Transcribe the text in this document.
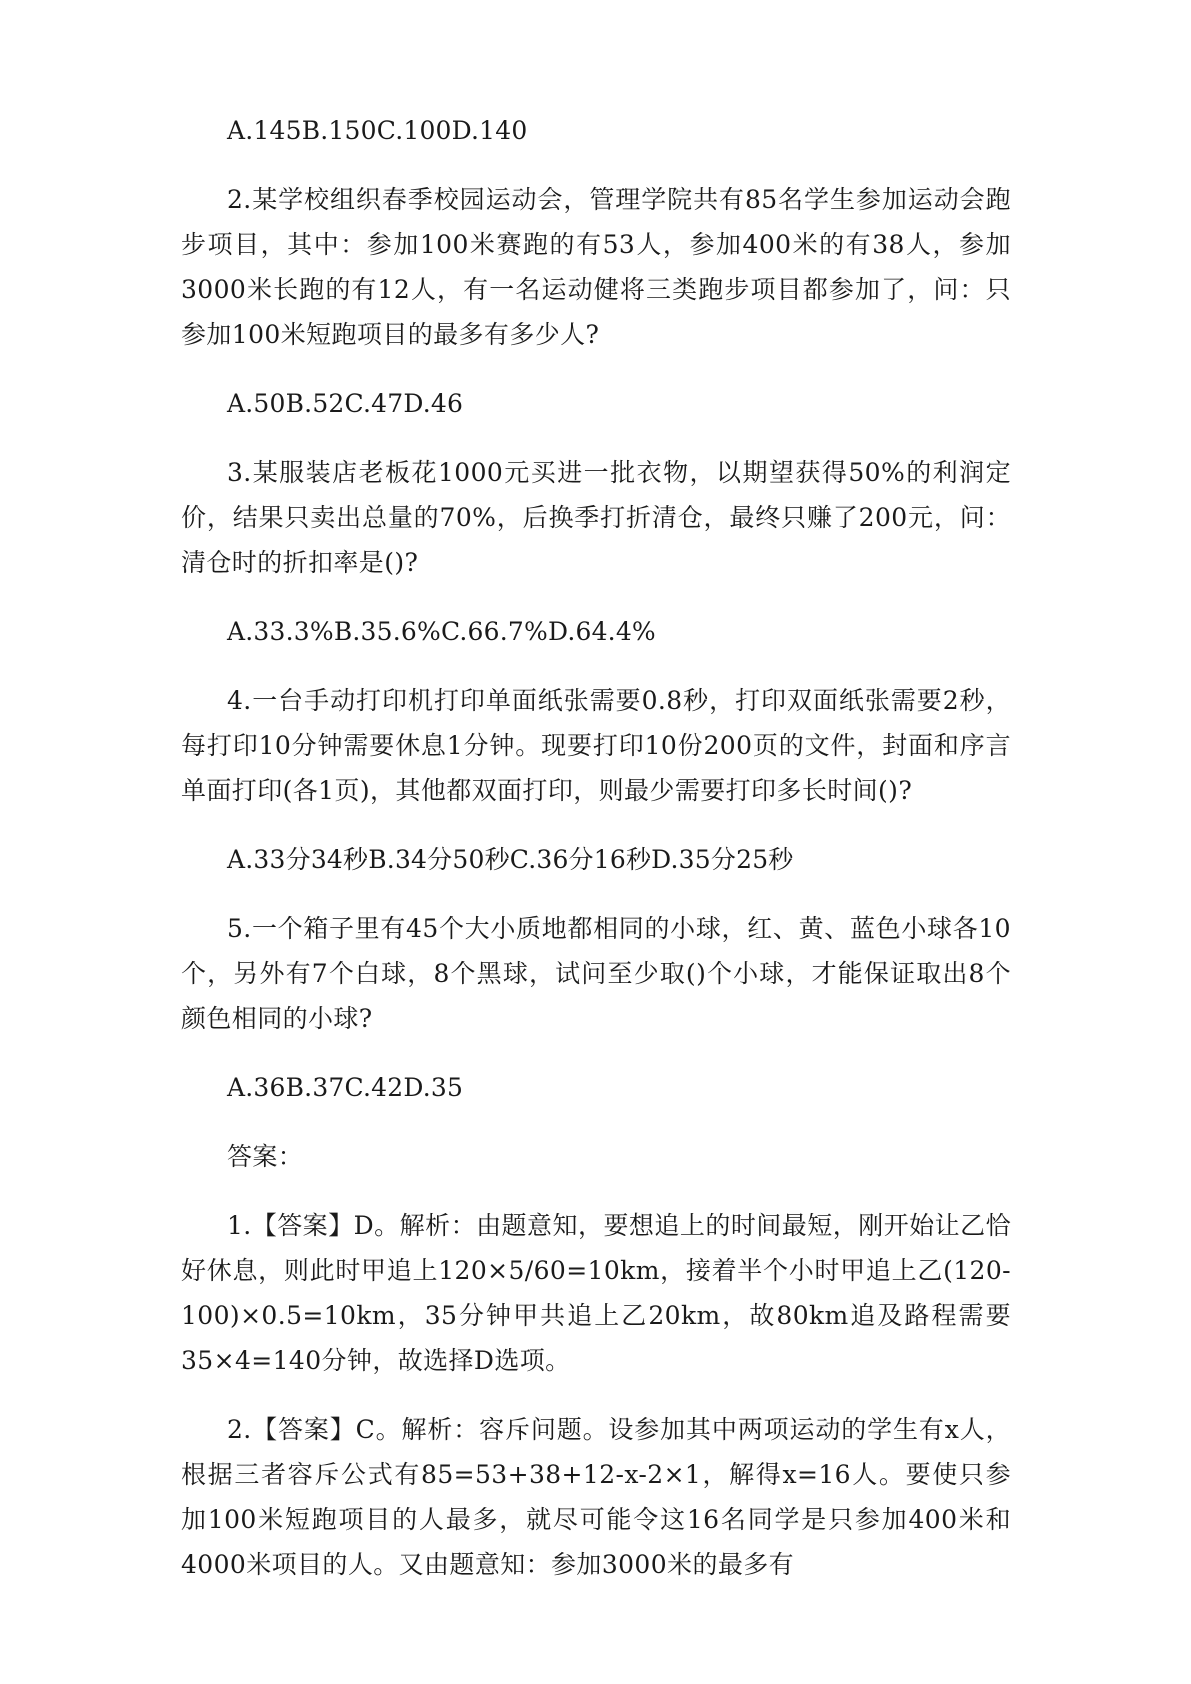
A.145B.150C.100D.140

2.某学校组织春季校园运动会，管理学院共有85名学生参加运动会跑步项目，其中：参加100米赛跑的有53人，参加400米的有38人，参加3000米长跑的有12人，有一名运动健将三类跑步项目都参加了，问：只参加100米短跑项目的最多有多少人?

A.50B.52C.47D.46

3.某服装店老板花1000元买进一批衣物，以期望获得50%的利润定价，结果只卖出总量的70%，后换季打折清仓，最终只赚了200元，问：清仓时的折扣率是()?

A.33.3%B.35.6%C.66.7%D.64.4%

4.一台手动打印机打印单面纸张需要0.8秒，打印双面纸张需要2秒，每打印10分钟需要休息1分钟。现要打印10份200页的文件，封面和序言单面打印(各1页)，其他都双面打印，则最少需要打印多长时间()?

A.33分34秒B.34分50秒C.36分16秒D.35分25秒

5.一个箱子里有45个大小质地都相同的小球，红、黄、蓝色小球各10个，另外有7个白球，8个黑球，试问至少取()个小球，才能保证取出8个颜色相同的小球?

A.36B.37C.42D.35

答案：

1.【答案】D。解析：由题意知，要想追上的时间最短，刚开始让乙恰好休息，则此时甲追上120×5/60=10km，接着半个小时甲追上乙(120-100)×0.5=10km，35分钟甲共追上乙20km，故80km追及路程需要35×4=140分钟，故选择D选项。

2.【答案】C。解析：容斥问题。设参加其中两项运动的学生有x人，根据三者容斥公式有85=53+38+12-x-2×1，解得x=16人。要使只参加100米短跑项目的人最多，就尽可能令这16名同学是只参加400米和4000米项目的人。又由题意知：参加3000米的最多有
